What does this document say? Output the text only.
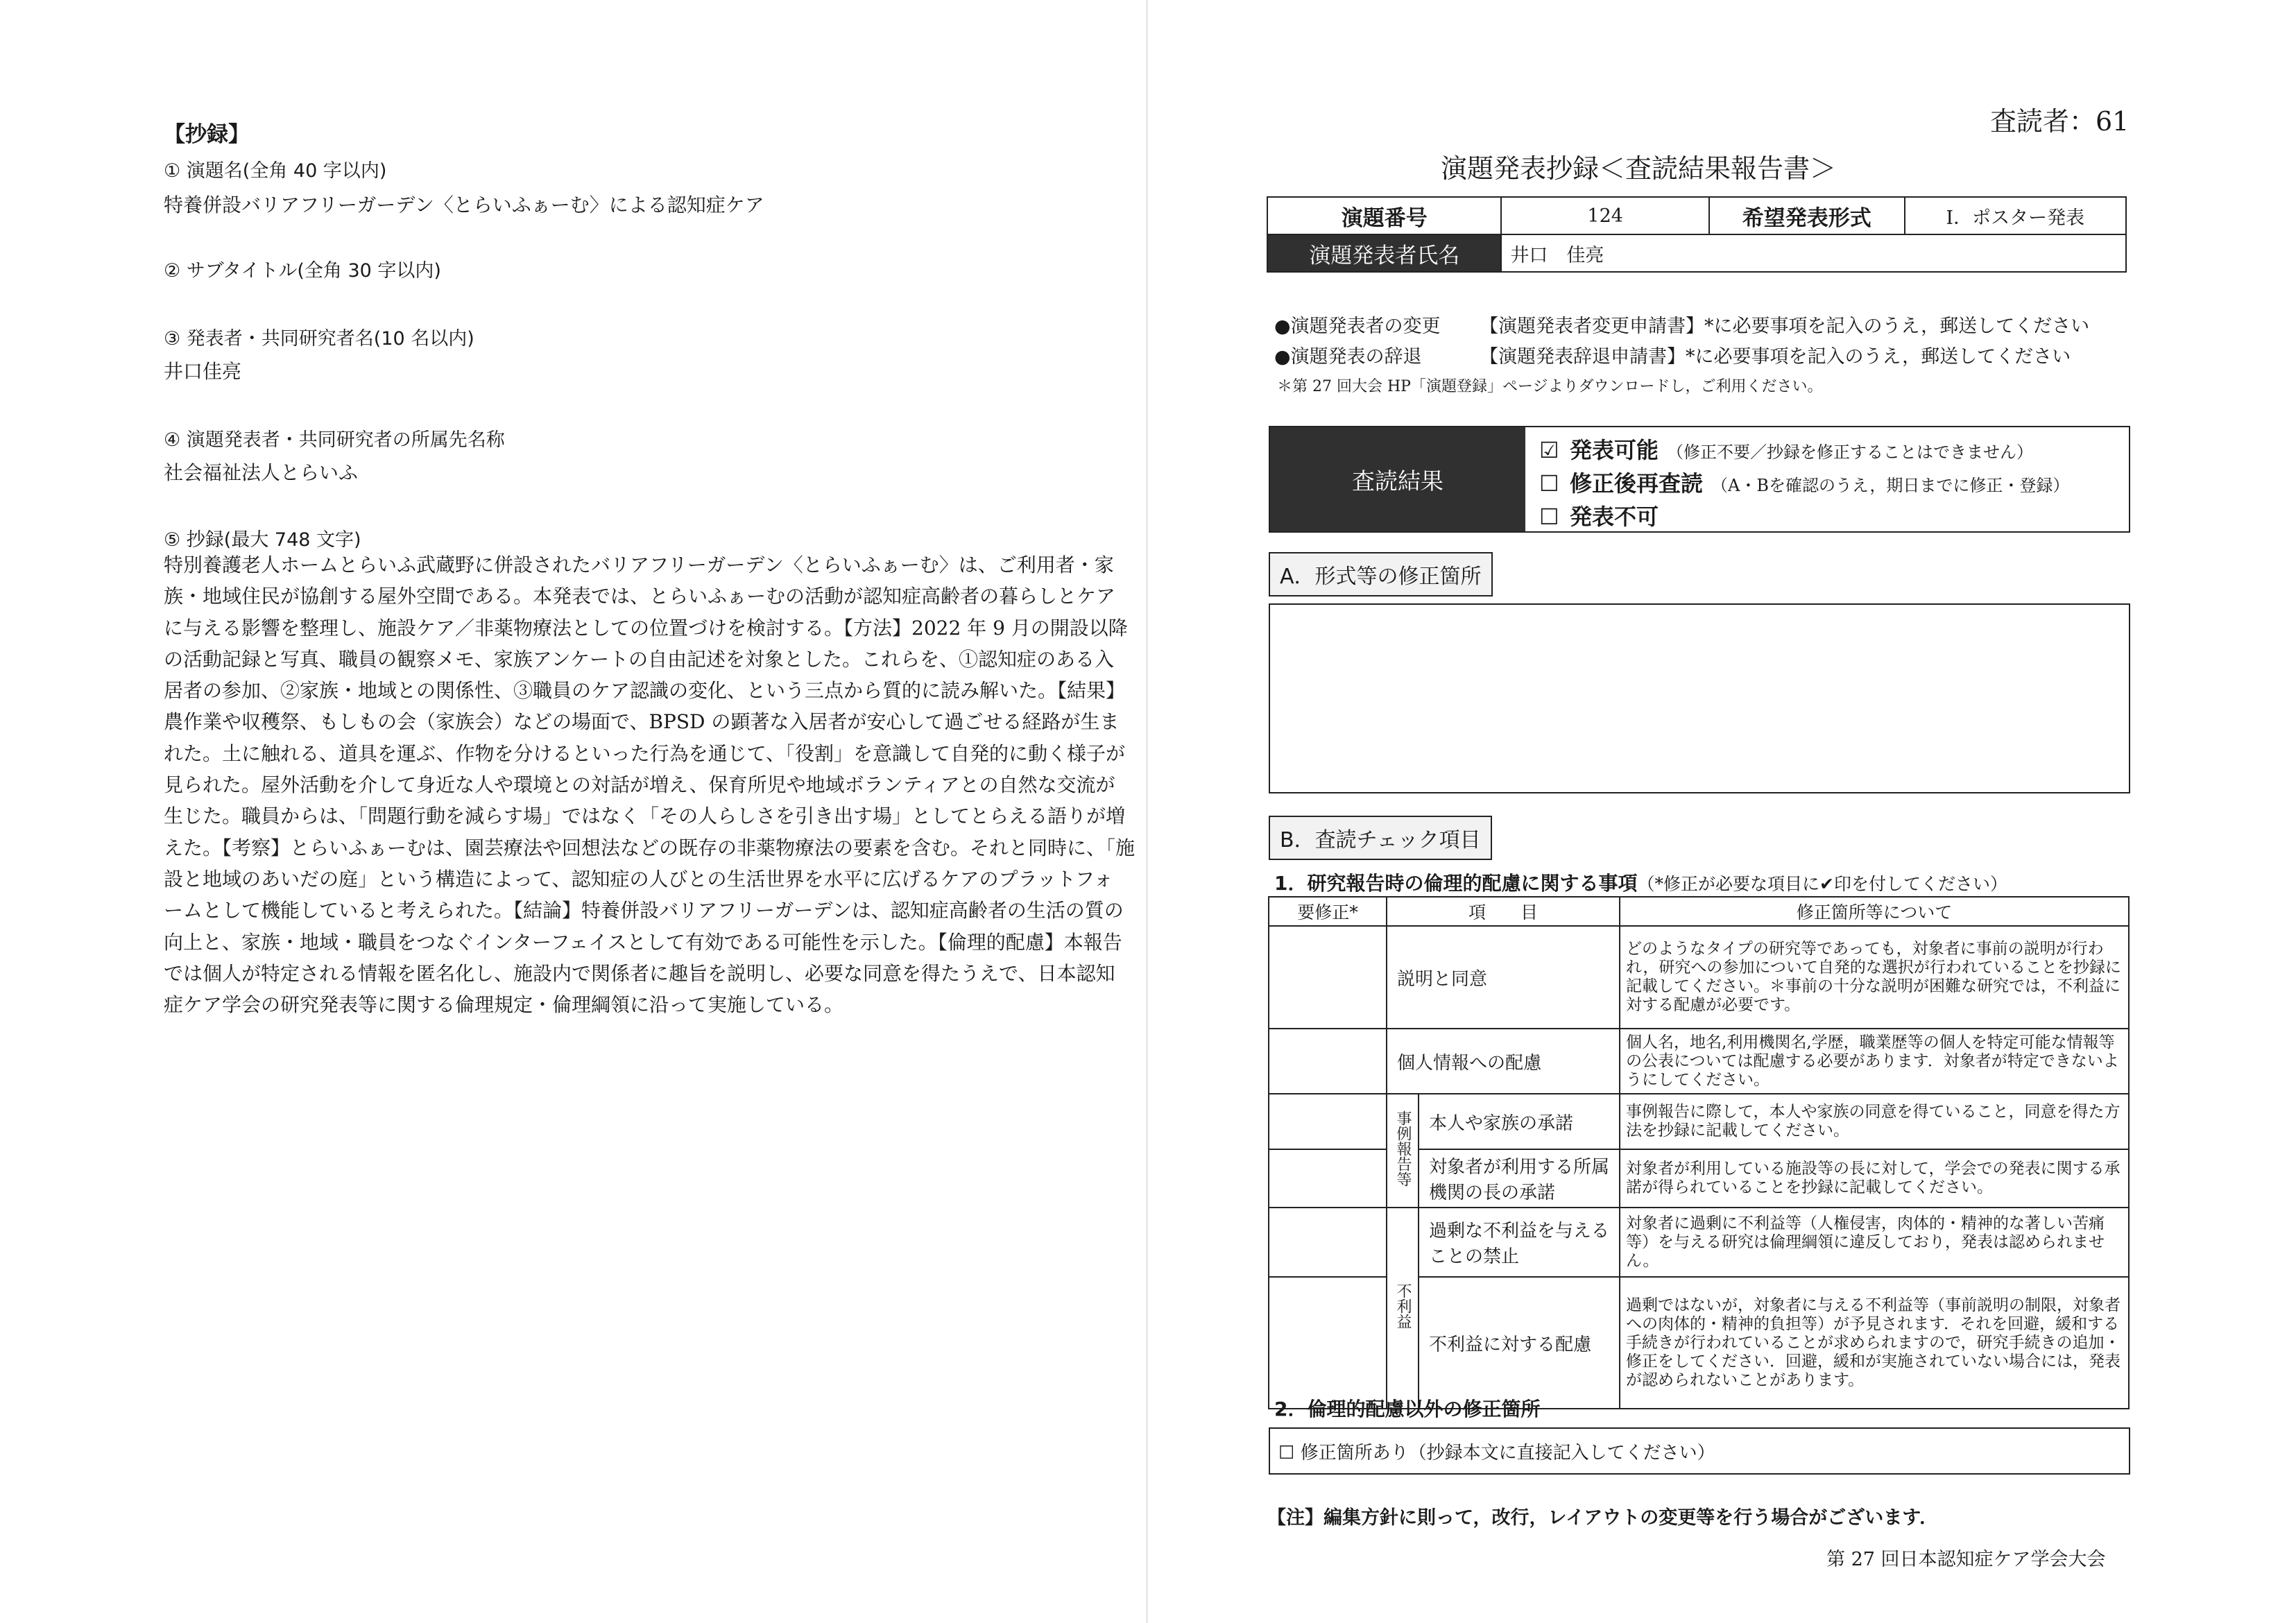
【抄録】
① 演題名(全角 40 字以内)
特養併設バリアフリーガーデン〈とらいふぁーむ〉による認知症ケア
② サブタイトル(全角 30 字以内)
③ 発表者・共同研究者名(10 名以内)
井口佳亮
④ 演題発表者・共同研究者の所属先名称
社会福祉法人とらいふ
⑤ 抄録(最大 748 文字)
特別養護老人ホームとらいふ武蔵野に併設されたバリアフリーガーデン〈とらいふぁーむ〉は、ご利用者・家
族・地域住民が協創する屋外空間である。本発表では、とらいふぁーむの活動が認知症高齢者の暮らしとケア
に与える影響を整理し、施設ケア／非薬物療法としての位置づけを検討する。【方法】2022 年 9 月の開設以降
の活動記録と写真、職員の観察メモ、家族アンケートの自由記述を対象とした。これらを、①認知症のある入
居者の参加、②家族・地域との関係性、③職員のケア認識の変化、という三点から質的に読み解いた。【結果】
農作業や収穫祭、もしもの会（家族会）などの場面で、BPSD の顕著な入居者が安心して過ごせる経路が生ま
れた。土に触れる、道具を運ぶ、作物を分けるといった行為を通じて、「役割」を意識して自発的に動く様子が
見られた。屋外活動を介して身近な人や環境との対話が増え、保育所児や地域ボランティアとの自然な交流が
生じた。職員からは、「問題行動を減らす場」ではなく「その人らしさを引き出す場」としてとらえる語りが増
えた。【考察】とらいふぁーむは、園芸療法や回想法などの既存の非薬物療法の要素を含む。それと同時に、「施
設と地域のあいだの庭」という構造によって、認知症の人びとの生活世界を水平に広げるケアのプラットフォ
ームとして機能していると考えられた。【結論】特養併設バリアフリーガーデンは、認知症高齢者の生活の質の
向上と、家族・地域・職員をつなぐインターフェイスとして有効である可能性を示した。【倫理的配慮】本報告
では個人が特定される情報を匿名化し、施設内で関係者に趣旨を説明し、必要な同意を得たうえで、日本認知
症ケア学会の研究発表等に関する倫理規定・倫理綱領に沿って実施している。
査読者：61
演題発表抄録＜査読結果報告書＞
演題番号	124	希望発表形式	Ⅰ．ポスター発表
演題発表者氏名	井口　佳亮		
●演題発表者の変更 【演題発表者変更申請書】*に必要事項を記入のうえ，郵送してください
●演題発表の辞退	【演題発表辞退申請書】*に必要事項を記入のうえ，郵送してください
＊第 27 回大会 HP「演題登録」ページよりダウンロードし，ご利用ください。
査読結果
☑ 発表可能 （修正不要／抄録を修正することはできません）
☐ 修正後再査読 （A・Bを確認のうえ，期日までに修正・登録）
☐ 発表不可
A．形式等の修正箇所
B．査読チェック項目
1．研究報告時の倫理的配慮に関する事項（*修正が必要な項目に✔印を付してください）
要修正*	項　　目		修正箇所等について
	説明と同意		どのようなタイプの研究等であっても，対象者に事前の説明が行われ，研究への参加について自発的な選択が行われていることを抄録に記載してください。＊事前の十分な説明が困難な研究では，不利益に対する配慮が必要です。
	個人情報への配慮		個人名，地名,利用機関名,学歴，職業歴等の個人を特定可能な情報等の公表については配慮する必要があります．対象者が特定できないようにしてください。
	事例報告等	本人や家族の承諾	事例報告に際して，本人や家族の同意を得ていること，同意を得た方法を抄録に記載してください。
		対象者が利用する所属機関の長の承諾	対象者が利用している施設等の長に対して，学会での発表に関する承諾が得られていることを抄録に記載してください。
	不利益	過剰な不利益を与えることの禁止	対象者に過剰に不利益等（人権侵害，肉体的・精神的な著しい苦痛等）を与える研究は倫理綱領に違反しており，発表は認められません。
		不利益に対する配慮	過剰ではないが，対象者に与える不利益等（事前説明の制限，対象者への肉体的・精神的負担等）が予見されます．それを回避，緩和する手続きが行われていることが求められますので，研究手続きの追加・修正をしてください．回避，緩和が実施されていない場合には，発表が認められないことがあります。
2．倫理的配慮以外の修正箇所
☐ 修正箇所あり（抄録本文に直接記入してください）
【注】編集方針に則って，改行，レイアウトの変更等を行う場合がございます．
第 27 回日本認知症ケア学会大会
